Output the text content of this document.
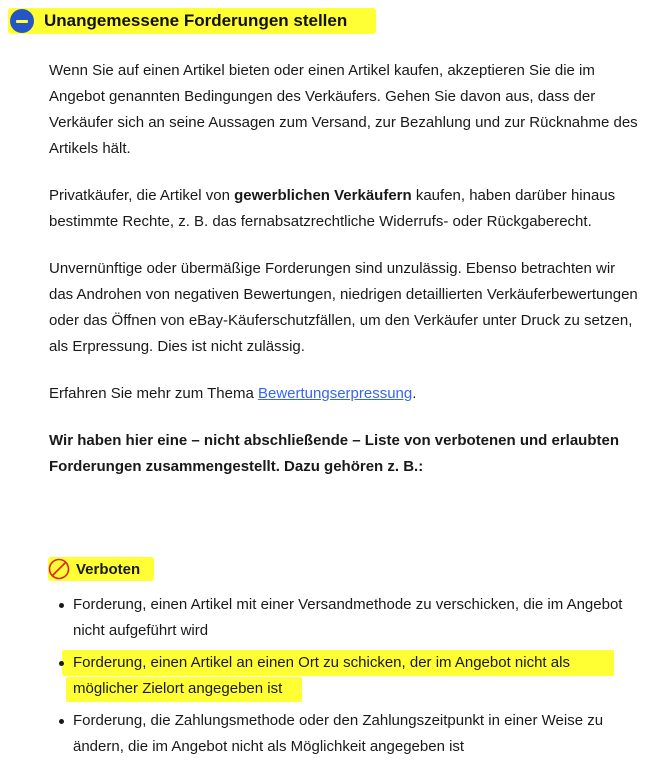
Unangemessene Forderungen stellen

Wenn Sie auf einen Artikel bieten oder einen Artikel kaufen, akzeptieren Sie die im Angebot genannten Bedingungen des Verkäufers. Gehen Sie davon aus, dass der Verkäufer sich an seine Aussagen zum Versand, zur Bezahlung und zur Rücknahme des Artikels hält.

Privatkäufer, die Artikel von gewerblichen Verkäufern kaufen, haben darüber hinaus bestimmte Rechte, z. B. das fernabsatzrechtliche Widerrufs- oder Rückgaberecht.

Unvernünftige oder übermäßige Forderungen sind unzulässig. Ebenso betrachten wir das Androhen von negativen Bewertungen, niedrigen detaillierten Verkäuferbewertungen oder das Öffnen von eBay-Käuferschutzfällen, um den Verkäufer unter Druck zu setzen, als Erpressung. Dies ist nicht zulässig.

Erfahren Sie mehr zum Thema Bewertungserpressung.

Wir haben hier eine – nicht abschließende – Liste von verbotenen und erlaubten Forderungen zusammengestellt. Dazu gehören z. B.:

Verboten
Forderung, einen Artikel mit einer Versandmethode zu verschicken, die im Angebot nicht aufgeführt wird
Forderung, einen Artikel an einen Ort zu schicken, der im Angebot nicht als möglicher Zielort angegeben ist
Forderung, die Zahlungsmethode oder den Zahlungszeitpunkt in einer Weise zu ändern, die im Angebot nicht als Möglichkeit angegeben ist
